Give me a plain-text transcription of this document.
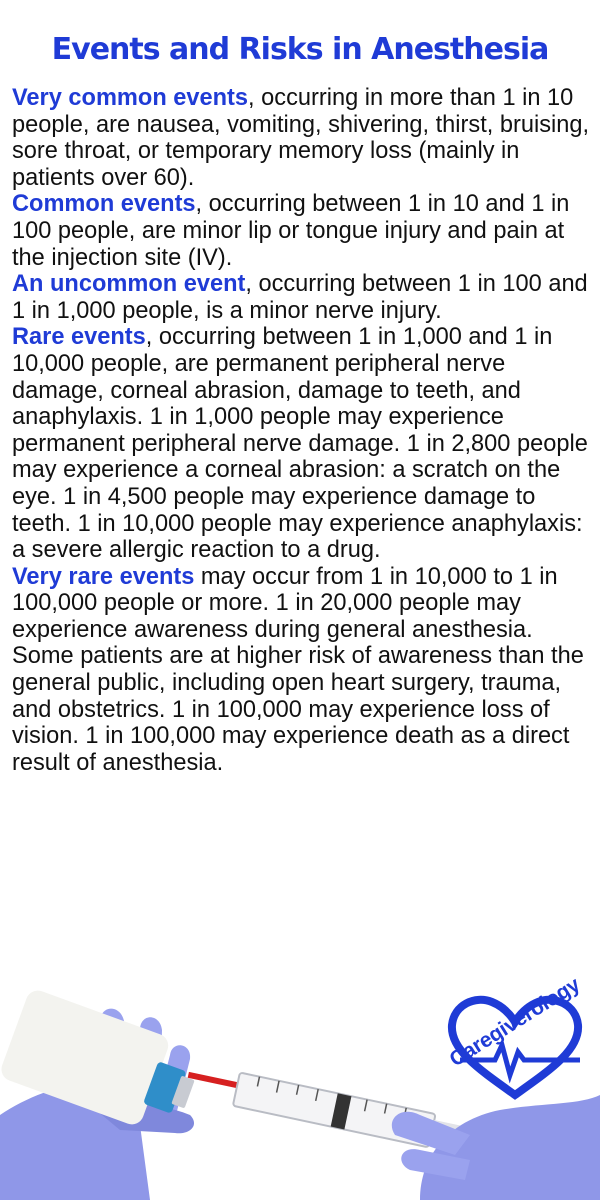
Events and Risks in Anesthesia

Very common events, occurring in more than 1 in 10 people, are nausea, vomiting, shivering, thirst, bruising, sore throat, or temporary memory loss (mainly in patients over 60).

Common events, occurring between 1 in 10 and 1 in 100 people, are minor lip or tongue injury and pain at the injection site (IV).

An uncommon event, occurring between 1 in 100 and 1 in 1,000 people, is a minor nerve injury.

Rare events, occurring between 1 in 1,000 and 1 in 10,000 people, are permanent peripheral nerve damage, corneal abrasion, damage to teeth, and anaphylaxis. 1 in 1,000 people may experience permanent peripheral nerve damage. 1 in 2,800 people may experience a corneal abrasion: a scratch on the eye. 1 in 4,500 people may experience damage to teeth. 1 in 10,000 people may experience anaphylaxis: a severe allergic reaction to a drug.

Very rare events may occur from 1 in 10,000 to 1 in 100,000 people or more. 1 in 20,000 people may experience awareness during general anesthesia. Some patients are at higher risk of awareness than the general public, including open heart surgery, trauma, and obstetrics. 1 in 100,000 may experience loss of vision. 1 in 100,000 may experience death as a direct result of anesthesia.

Caregiverology
